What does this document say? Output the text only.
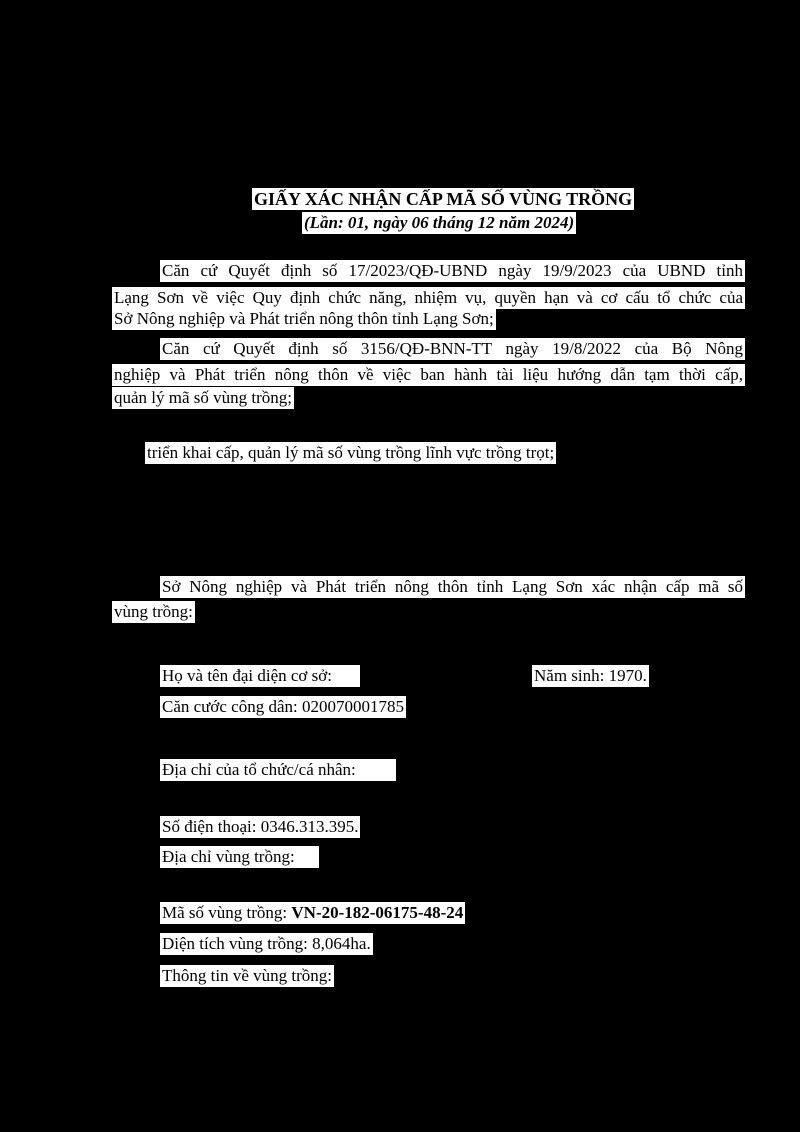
GIẤY XÁC NHẬN CẤP MÃ SỐ VÙNG TRỒNG
(Lần: 01, ngày 06 tháng 12 năm 2024)
Căn cứ Quyết định số 17/2023/QĐ-UBND ngày 19/9/2023 của UBND tỉnh
Lạng Sơn về việc Quy định chức năng, nhiệm vụ, quyền hạn và cơ cấu tổ chức của
Sở Nông nghiệp và Phát triển nông thôn tỉnh Lạng Sơn;
Căn cứ Quyết định số 3156/QĐ-BNN-TT ngày 19/8/2022 của Bộ Nông
nghiệp và Phát triển nông thôn về việc ban hành tài liệu hướng dẫn tạm thời cấp,
quản lý mã số vùng trồng;
triển khai cấp, quản lý mã số vùng trồng lĩnh vực trồng trọt;
Sở Nông nghiệp và Phát triển nông thôn tỉnh Lạng Sơn xác nhận cấp mã số
vùng trồng:
Họ và tên đại diện cơ sở:	Năm sinh: 1970.
Căn cước công dân: 020070001785
Địa chỉ của tổ chức/cá nhân:
Số điện thoại: 0346.313.395.
Địa chỉ vùng trồng:
Mã số vùng trồng: VN-20-182-06175-48-24
Diện tích vùng trồng: 8,064ha.
Thông tin về vùng trồng:
